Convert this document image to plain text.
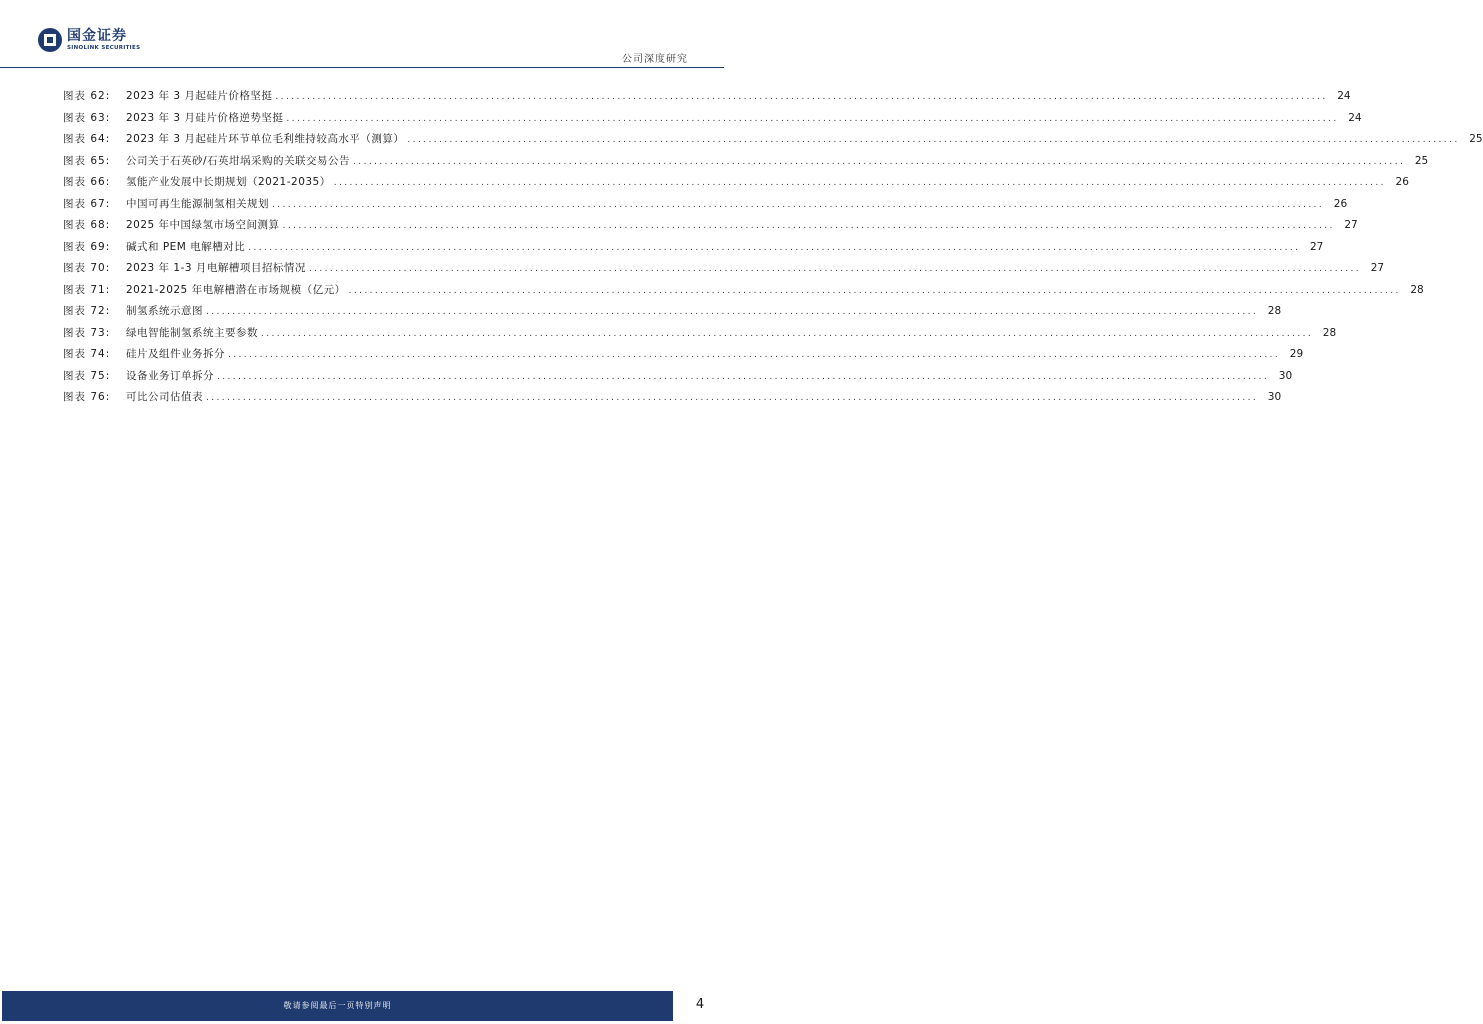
国金证券
SINOLINK SECURITIES
公司深度研究
图表 62:	2023 年 3 月起硅片价格坚挺 ........................................................................................................................................................................................................ 24
图表 63:	2023 年 3 月硅片价格逆势坚挺 ........................................................................................................................................................................................................ 24
图表 64:	2023 年 3 月起硅片环节单位毛利维持较高水平（测算） ........................................................................................................................................................................................................ 25
图表 65:	公司关于石英砂/石英坩埚采购的关联交易公告 ........................................................................................................................................................................................................ 25
图表 66:	氢能产业发展中长期规划（2021-2035） ........................................................................................................................................................................................................ 26
图表 67:	中国可再生能源制氢相关规划 ........................................................................................................................................................................................................ 26
图表 68:	2025 年中国绿氢市场空间测算 ........................................................................................................................................................................................................ 27
图表 69:	碱式和 PEM 电解槽对比 ........................................................................................................................................................................................................ 27
图表 70:	2023 年 1-3 月电解槽项目招标情况 ........................................................................................................................................................................................................ 27
图表 71:	2021-2025 年电解槽潜在市场规模（亿元） ........................................................................................................................................................................................................ 28
图表 72:	制氢系统示意图 ........................................................................................................................................................................................................ 28
图表 73:	绿电智能制氢系统主要参数 ........................................................................................................................................................................................................ 28
图表 74:	硅片及组件业务拆分 ........................................................................................................................................................................................................ 29
图表 75:	设备业务订单拆分 ........................................................................................................................................................................................................ 30
图表 76:	可比公司估值表 ........................................................................................................................................................................................................ 30
敬请参阅最后一页特别声明	4
